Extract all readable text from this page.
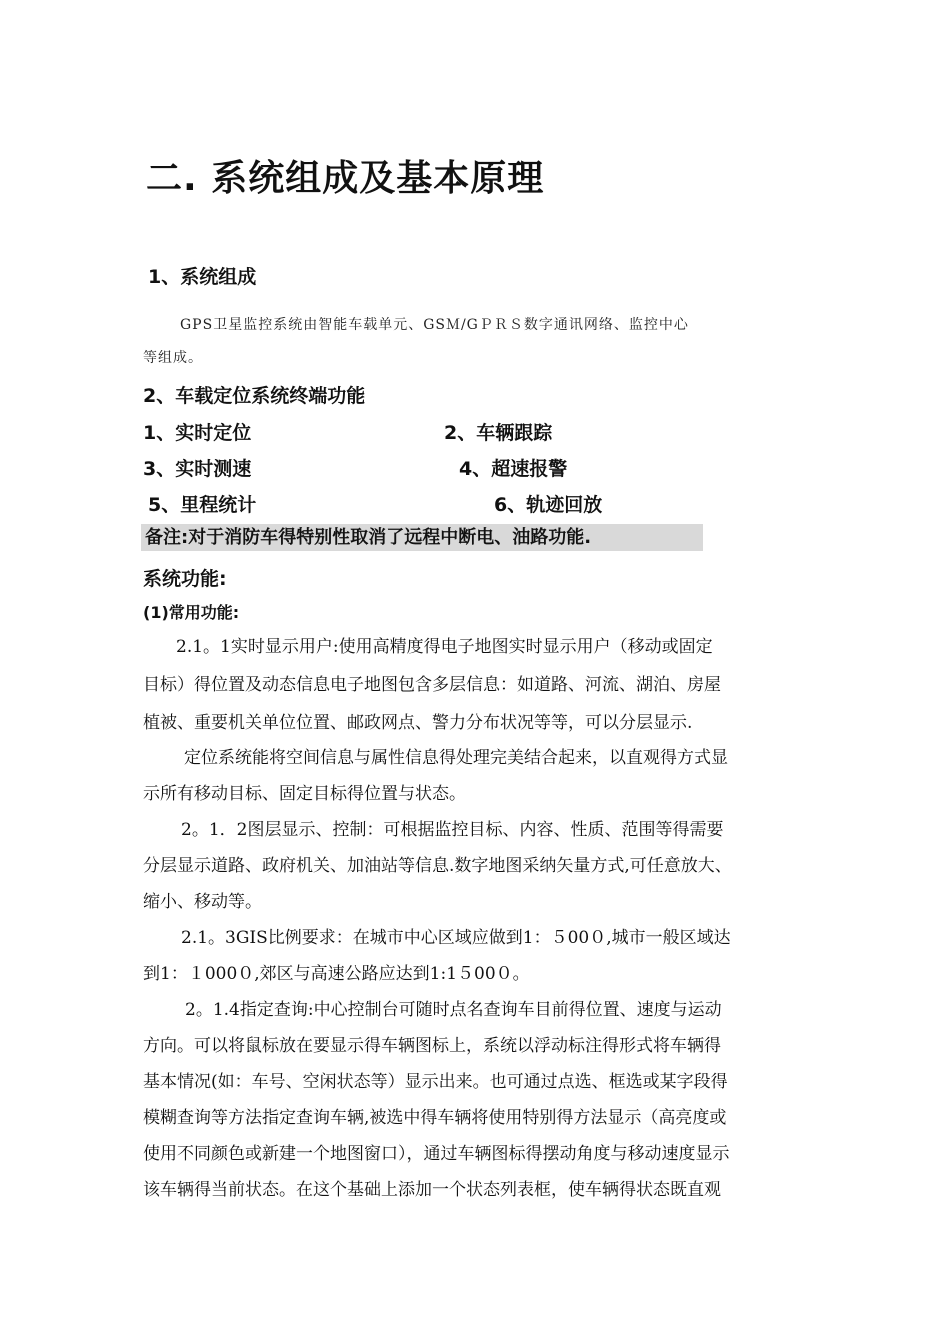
二. 系统组成及基本原理
1、系统组成
GPS卫星监控系统由智能车载单元、GSＭ/GＰＲＳ数字通讯网络、监控中心
等组成。
2、车载定位系统终端功能
1、实时定位	2、车辆跟踪
3、实时测速	4、超速报警
5、里程统计	6、轨迹回放
备注:对于消防车得特别性取消了远程中断电、油路功能.
系统功能:
(1)常用功能:
2.1。1实时显示用户:使用高精度得电子地图实时显示用户（移动或固定
目标）得位置及动态信息电子地图包含多层信息：如道路、河流、湖泊、房屋
植被、重要机关单位位置、邮政网点、警力分布状况等等，可以分层显示.
定位系统能将空间信息与属性信息得处理完美结合起来，以直观得方式显
示所有移动目标、固定目标得位置与状态。
2。1．2图层显示、控制：可根据监控目标、内容、性质、范围等得需要
分层显示道路、政府机关、加油站等信息.数字地图采纳矢量方式,可任意放大、
缩小、移动等。
2.1。3GIS比例要求：在城市中心区域应做到1：５00０,城市一般区域达
到1：１000０,郊区与高速公路应达到1:1５00０。
2。1.4指定查询:中心控制台可随时点名查询车目前得位置、速度与运动
方向。可以将鼠标放在要显示得车辆图标上，系统以浮动标注得形式将车辆得
基本情况(如：车号、空闲状态等）显示出来。也可通过点选、框选或某字段得
模糊查询等方法指定查询车辆,被选中得车辆将使用特别得方法显示（高亮度或
使用不同颜色或新建一个地图窗口），通过车辆图标得摆动角度与移动速度显示
该车辆得当前状态。在这个基础上添加一个状态列表框，使车辆得状态既直观
